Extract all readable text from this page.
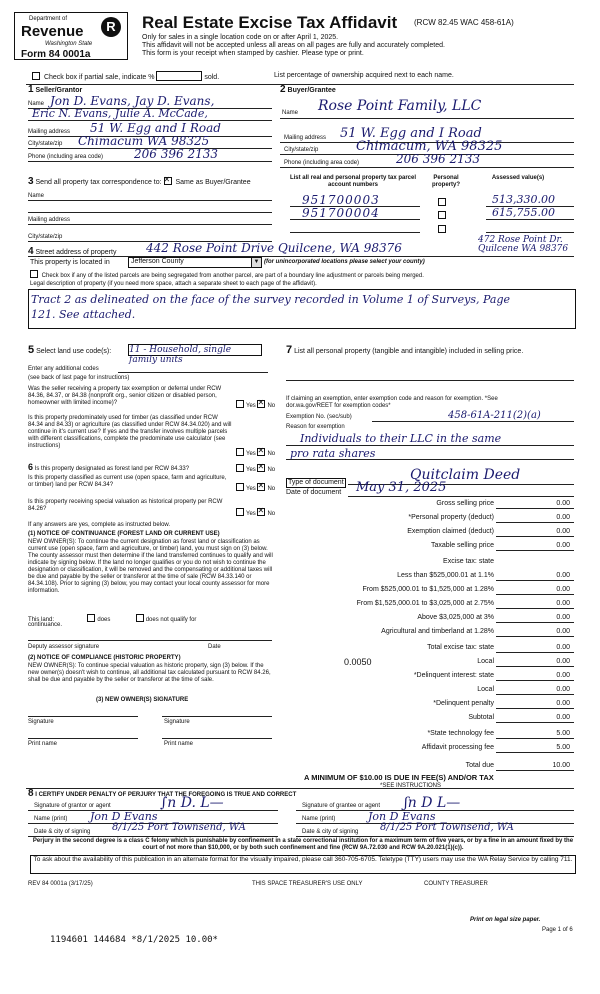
Department of
Revenue	R
Washington State
Form 84 0001a
Real Estate Excise Tax Affidavit (RCW 82.45 WAC 458-61A)
Only for sales in a single location code on or after April 1, 2025.
This affidavit will not be accepted unless all areas on all pages are fully and accurately completed.
This form is your receipt when stamped by cashier. Please type or print.
Check box if partial sale, indicate %	sold.	List percentage of ownership acquired next to each name.
1 Seller/Grantor	2 Buyer/Grantee
Name Jon D. Evans, Jay D. Evans,
Eric N. Evans, Julie A. McCade,
Mailing address 51 W. Egg and I Road
City/state/zip Chimacum WA 98325
Phone (including area code)	206 396 2133
Name Rose Point Family, LLC
Mailing address 51 W. Egg and I Road
City/state/zip	Chimacum, WA 98325
Phone (including area code)	206 396 2133
3 Send all property tax correspondence to: ✕ Same as Buyer/Grantee
Name
Mailing address
City/state/zip
List all real and personal property tax parcel account numbers
Personal property?
Assessed value(s)
951700003	513,330.00
951700004	615,755.00
4 Street address of property 442 Rose Point Drive Quilcene, WA 98376
472 Rose Point Dr. Quilcene WA 98376
This property is located in	Jefferson County	▼ (for unincorporated locations please select your county)
Check box if any of the listed parcels are being segregated from another parcel, are part of a boundary line adjustment or parcels being merged.
Legal description of property (if you need more space, attach a separate sheet to each page of the affidavit).
Tract 2 as delineated on the face of the survey recorded in Volume 1 of Surveys, Page
121. See attached.
5 Select land use code(s): 11 - Household, single family units
Enter any additional codes
(see back of last page for instructions)
Was the seller receiving a property tax exemption or deferral under RCW 84.36, 84.37, or 84.38 (nonprofit org., senior citizen or disabled person, homeowner with limited income)?	Yes ✕ No
Is this property predominately used for timber (as classified under RCW 84.34 and 84.33) or agriculture (as classified under RCW 84.34.020) and will continue in it's current use? If yes and the transfer involves multiple parcels with different classifications, complete the predominate use calculator (see instructions)
Yes ✕ No
6 Is this property designated as forest land per RCW 84.33?	Yes ✕ No
Is this property classified as current use (open space, farm and agriculture, or timber) land per RCW 84.34?
Yes ✕ No
Is this property receiving special valuation as historical property per RCW 84.26?
Yes ✕ No
If any answers are yes, complete as instructed below.
(1) NOTICE OF CONTINUANCE (FOREST LAND OR CURRENT USE)
NEW OWNER(S): To continue the current designation as forest land or classification as current use (open space, farm and agriculture, or timber) land, you must sign on (3) below. The county assessor must then determine if the land transferred continues to qualify and will indicate by signing below. If the land no longer qualifies or you do not wish to continue the designation or classification, it will be removed and the compensating or additional taxes will be due and payable by the seller or transferor at the time of sale (RCW 84.33.140 or 84.34.108). Prior to signing (3) below, you may contact your local county assessor for more information.
This land:	does	does not qualify for
continuance.
Deputy assessor signature	Date
(2) NOTICE OF COMPLIANCE (HISTORIC PROPERTY)
NEW OWNER(S): To continue special valuation as historic property, sign (3) below. If the new owner(s) doesn't wish to continue, all additional tax calculated pursuant to RCW 84.26, shall be due and payable by the seller or transferor at the time of sale.
(3) NEW OWNER(S) SIGNATURE
Signature	Signature
Print name	Print name
7 List all personal property (tangible and intangible) included in selling price.
If claiming an exemption, enter exemption code and reason for exemption. *See dor.wa.gov/REET for exemption codes*
Exemption No. (sec/sub)	458-61A-211(2)(a)
Reason for exemption
Individuals to their LLC in the same
pro rata shares
Type of document	Quitclaim Deed
Date of document May 31, 2025
Gross selling price	0.00
*Personal property (deduct)	0.00
Exemption claimed (deduct)	0.00
Taxable selling price	0.00
Excise tax: state
Less than $525,000.01 at 1.1%	0.00
From $525,000.01 to $1,525,000 at 1.28%	0.00
From $1,525,000.01 to $3,025,000 at 2.75%	0.00
Above $3,025,000 at 3%	0.00
Agricultural and timberland at 1.28%	0.00
Total excise tax: state	0.00
0.0050	Local	0.00
*Delinquent interest: state	0.00
Local	0.00
*Delinquent penalty	0.00
Subtotal	0.00
*State technology fee	5.00
Affidavit processing fee	5.00
Total due	10.00
A MINIMUM OF $10.00 IS DUE IN FEE(S) AND/OR TAX
*SEE INSTRUCTIONS
8 I CERTIFY UNDER PENALTY OF PERJURY THAT THE FOREGOING IS TRUE AND CORRECT
Signature of grantor or agent	∫n D. L—
Name (print) Jon D Evans
Date & city of signing 8/1/25 Port Townsend, WA
Signature of grantee or agent ʃn D L—
Name (print)	Jon D Evans
Date & city of signing 8/1/25 Port Townsend, WA
Perjury in the second degree is a class C felony which is punishable by confinement in a state correctional institution for a maximum term of five years, or by a fine in an amount fixed by the court of not more than $10,000, or by both such confinement and fine (RCW 9A.72.030 and RCW 9A.20.021(1)(c)).
To ask about the availability of this publication in an alternate format for the visually impaired, please call 360-705-6705. Teletype (TTY) users may use the WA Relay Service by calling 711.
REV 84 0001a (3/17/25)	THIS SPACE TREASURER'S USE ONLY	COUNTY TREASURER
Print on legal size paper.
Page 1 of 6
1194601 144684 *8/1/2025 10.00*
